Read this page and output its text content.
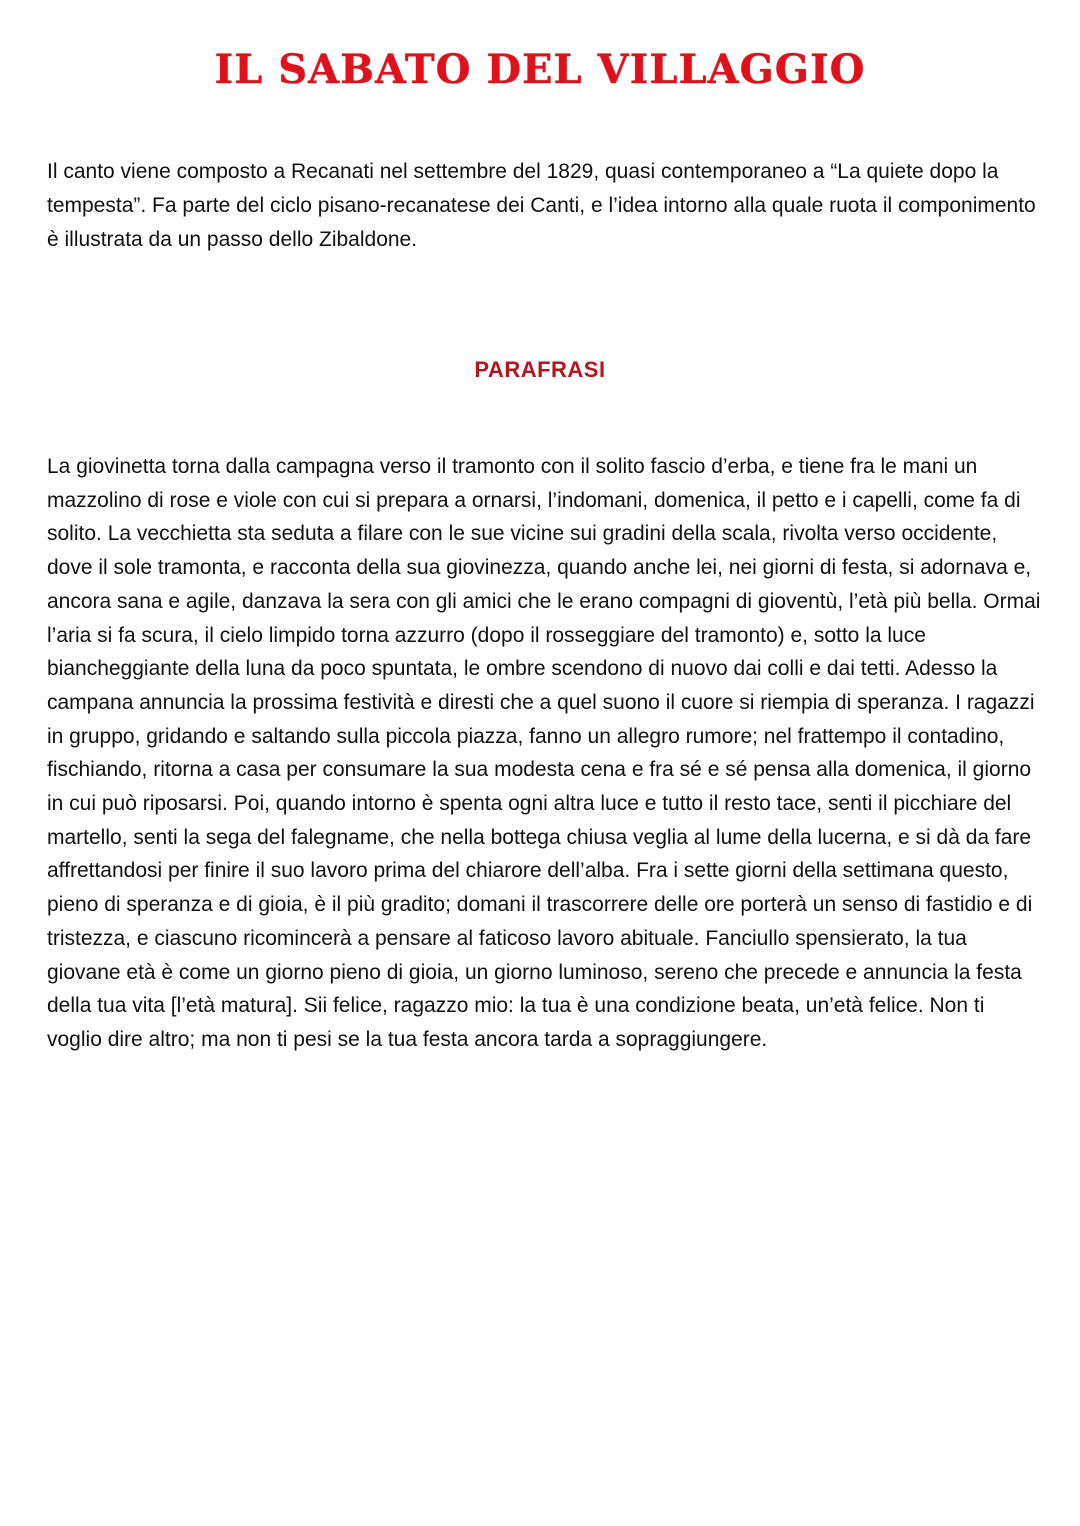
IL SABATO DEL VILLAGGIO

Il canto viene composto a Recanati nel settembre del 1829, quasi contemporaneo a “La quiete dopo la tempesta”. Fa parte del ciclo pisano-recanatese dei Canti, e l’idea intorno alla quale ruota il componimento è illustrata da un passo dello Zibaldone.

PARAFRASI

La giovinetta torna dalla campagna verso il tramonto con il solito fascio d’erba, e tiene fra le mani un mazzolino di rose e viole con cui si prepara a ornarsi, l’indomani, domenica, il petto e i capelli, come fa di solito. La vecchietta sta seduta a filare con le sue vicine sui gradini della scala, rivolta verso occidente, dove il sole tramonta, e racconta della sua giovinezza, quando anche lei, nei giorni di festa, si adornava e, ancora sana e agile, danzava la sera con gli amici che le erano compagni di gioventù, l’età più bella. Ormai l’aria si fa scura, il cielo limpido torna azzurro (dopo il rosseggiare del tramonto) e, sotto la luce biancheggiante della luna da poco spuntata, le ombre scendono di nuovo dai colli e dai tetti. Adesso la campana annuncia la prossima festività e diresti che a quel suono il cuore si riempia di speranza. I ragazzi in gruppo, gridando e saltando sulla piccola piazza, fanno un allegro rumore; nel frattempo il contadino, fischiando, ritorna a casa per consumare la sua modesta cena e fra sé e sé pensa alla domenica, il giorno in cui può riposarsi. Poi, quando intorno è spenta ogni altra luce e tutto il resto tace, senti il picchiare del martello, senti la sega del falegname, che nella bottega chiusa veglia al lume della lucerna, e si dà da fare affrettandosi per finire il suo lavoro prima del chiarore dell’alba. Fra i sette giorni della settimana questo, pieno di speranza e di gioia, è il più gradito; domani il trascorrere delle ore porterà un senso di fastidio e di tristezza, e ciascuno ricomincerà a pensare al faticoso lavoro abituale. Fanciullo spensierato, la tua giovane età è come un giorno pieno di gioia, un giorno luminoso, sereno che precede e annuncia la festa della tua vita [l’età matura]. Sii felice, ragazzo mio: la tua è una condizione beata, un’età felice. Non ti voglio dire altro; ma non ti pesi se la tua festa ancora tarda a sopraggiungere.
